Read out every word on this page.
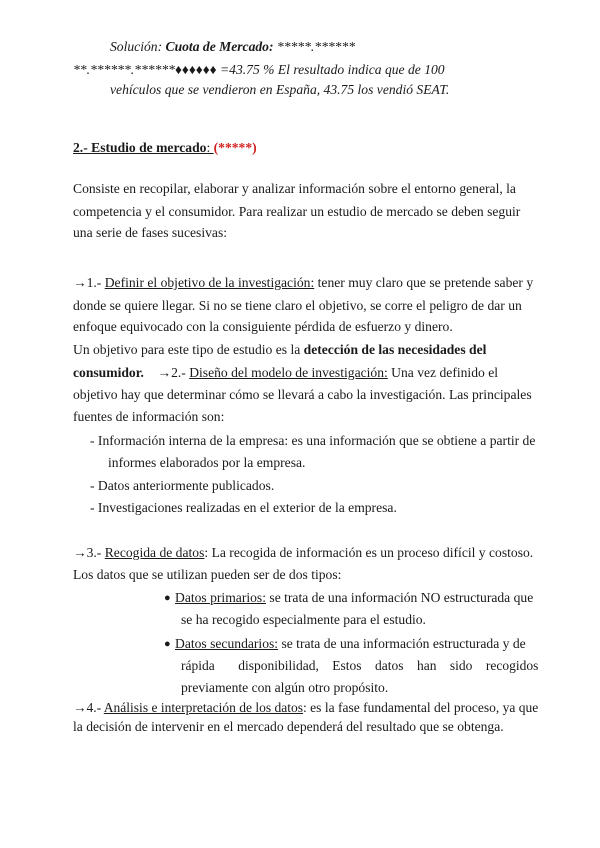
Solución: Cuota de Mercado: *****.******
**.******.******♦♦♦♦♦♦ =43.75 % El resultado indica que de 100
vehículos que se vendieron en España, 43.75 los vendió SEAT.
2.- Estudio de mercado: (*****)
Consiste en recopilar, elaborar y analizar información sobre el entorno general, la
competencia y el consumidor. Para realizar un estudio de mercado se deben seguir
una serie de fases sucesivas:
→1.- Definir el objetivo de la investigación: tener muy claro que se pretende saber y
donde se quiere llegar. Si no se tiene claro el objetivo, se corre el peligro de dar un
enfoque equivocado con la consiguiente pérdida de esfuerzo y dinero.
Un objetivo para este tipo de estudio es la detección de las necesidades del
consumidor. →2.- Diseño del modelo de investigación: Una vez definido el
objetivo hay que determinar cómo se llevará a cabo la investigación. Las principales
fuentes de información son:
- Información interna de la empresa: es una información que se obtiene a partir de
informes elaborados por la empresa.
- Datos anteriormente publicados.
- Investigaciones realizadas en el exterior de la empresa.
→3.- Recogida de datos: La recogida de información es un proceso difícil y costoso.
Los datos que se utilizan pueden ser de dos tipos:
● Datos primarios: se trata de una información NO estructurada que
se ha recogido especialmente para el estudio.
● Datos secundarios: se trata de una información estructurada y de
rápida       disponibilidad,    Estos    datos    han    sido    recogidos
previamente con algún otro propósito.
→4.- Análisis e interpretación de los datos: es la fase fundamental del proceso, ya que
la decisión de intervenir en el mercado dependerá del resultado que se obtenga.
